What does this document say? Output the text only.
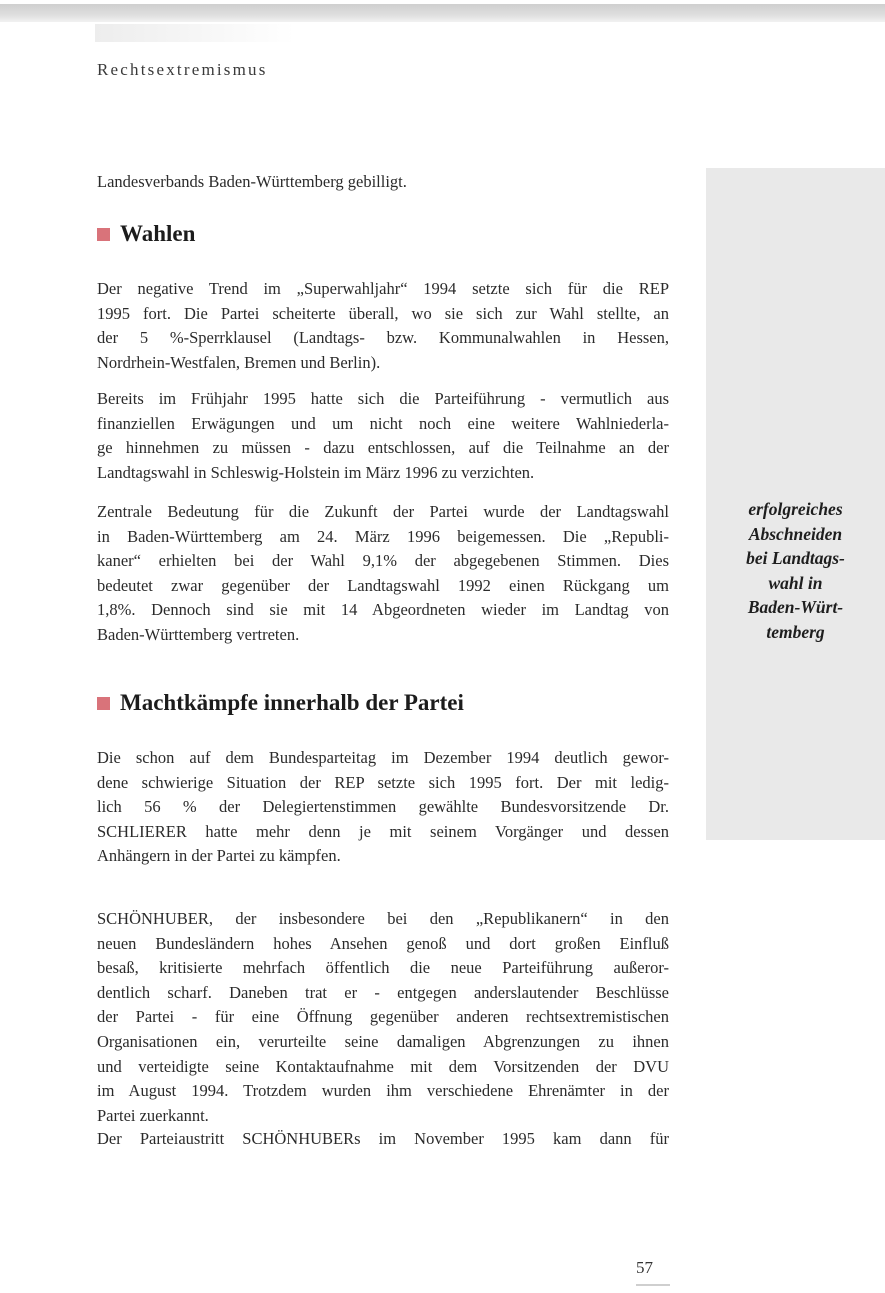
Rechtsextremismus
erfolgreiches
Abschneiden
bei Landtags-
wahl in
Baden-Würt-
temberg

Landesverbands Baden-Württemberg gebilligt.

Wahlen

Der negative Trend im „Superwahljahr“ 1994 setzte sich für die REP
1995 fort. Die Partei scheiterte überall, wo sie sich zur Wahl stellte, an
der 5 %-Sperrklausel (Landtags- bzw. Kommunalwahlen in Hessen,
Nordrhein-Westfalen, Bremen und Berlin).

Bereits im Frühjahr 1995 hatte sich die Parteiführung - vermutlich aus
finanziellen Erwägungen und um nicht noch eine weitere Wahlniederla-
ge hinnehmen zu müssen - dazu entschlossen, auf die Teilnahme an der
Landtagswahl in Schleswig-Holstein im März 1996 zu verzichten.

Zentrale Bedeutung für die Zukunft der Partei wurde der Landtagswahl
in Baden-Württemberg am 24. März 1996 beigemessen. Die „Republi-
kaner“ erhielten bei der Wahl 9,1% der abgegebenen Stimmen. Dies
bedeutet zwar gegenüber der Landtagswahl 1992 einen Rückgang um
1,8%. Dennoch sind sie mit 14 Abgeordneten wieder im Landtag von
Baden-Württemberg vertreten.

Machtkämpfe innerhalb der Partei

Die schon auf dem Bundesparteitag im Dezember 1994 deutlich gewor-
dene schwierige Situation der REP setzte sich 1995 fort. Der mit ledig-
lich 56 % der Delegiertenstimmen gewählte Bundesvorsitzende Dr.
SCHLIERER hatte mehr denn je mit seinem Vorgänger und dessen
Anhängern in der Partei zu kämpfen.

SCHÖNHUBER, der insbesondere bei den „Republikanern“ in den
neuen Bundesländern hohes Ansehen genoß und dort großen Einfluß
besaß, kritisierte mehrfach öffentlich die neue Parteiführung außeror-
dentlich scharf. Daneben trat er - entgegen anderslautender Beschlüsse
der Partei - für eine Öffnung gegenüber anderen rechtsextremistischen
Organisationen ein, verurteilte seine damaligen Abgrenzungen zu ihnen
und verteidigte seine Kontaktaufnahme mit dem Vorsitzenden der DVU
im August 1994. Trotzdem wurden ihm verschiedene Ehrenämter in der
Partei zuerkannt.

Der Parteiaustritt SCHÖNHUBERs im November 1995 kam dann für

57
